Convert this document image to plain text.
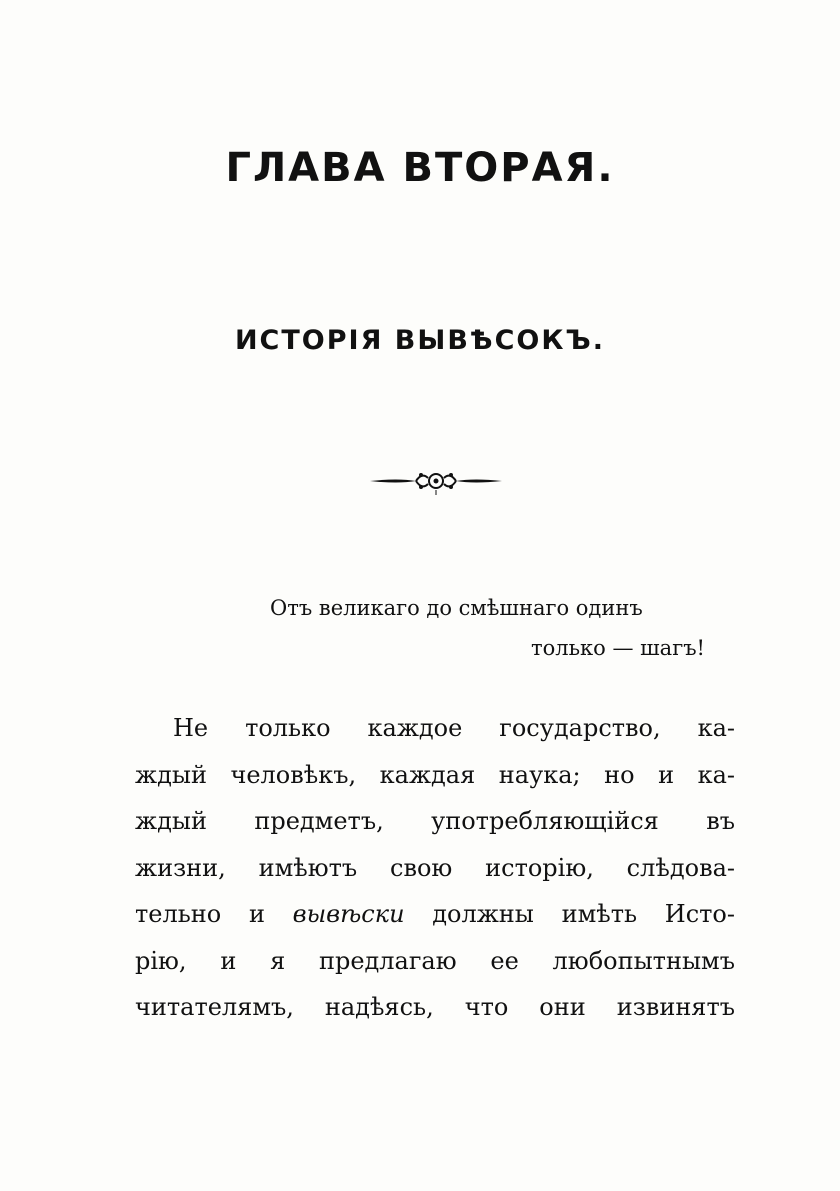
ГЛАВА ВТОРАЯ.
ИСТОРІЯ ВЫВѢСОКЪ.
Отъ великаго до смѣшнаго одинъ
только — шагъ!
Не только каждое государство, ка-
ждый человѣкъ, каждая наука; но и ка-
ждый предметъ, употребляющійся въ
жизни, имѣютъ свою исторію, слѣдова-
тельно и вывѣски должны имѣть Исто-
рію, и я предлагаю ее любопытнымъ
читателямъ, надѣясь, что они извинятъ
